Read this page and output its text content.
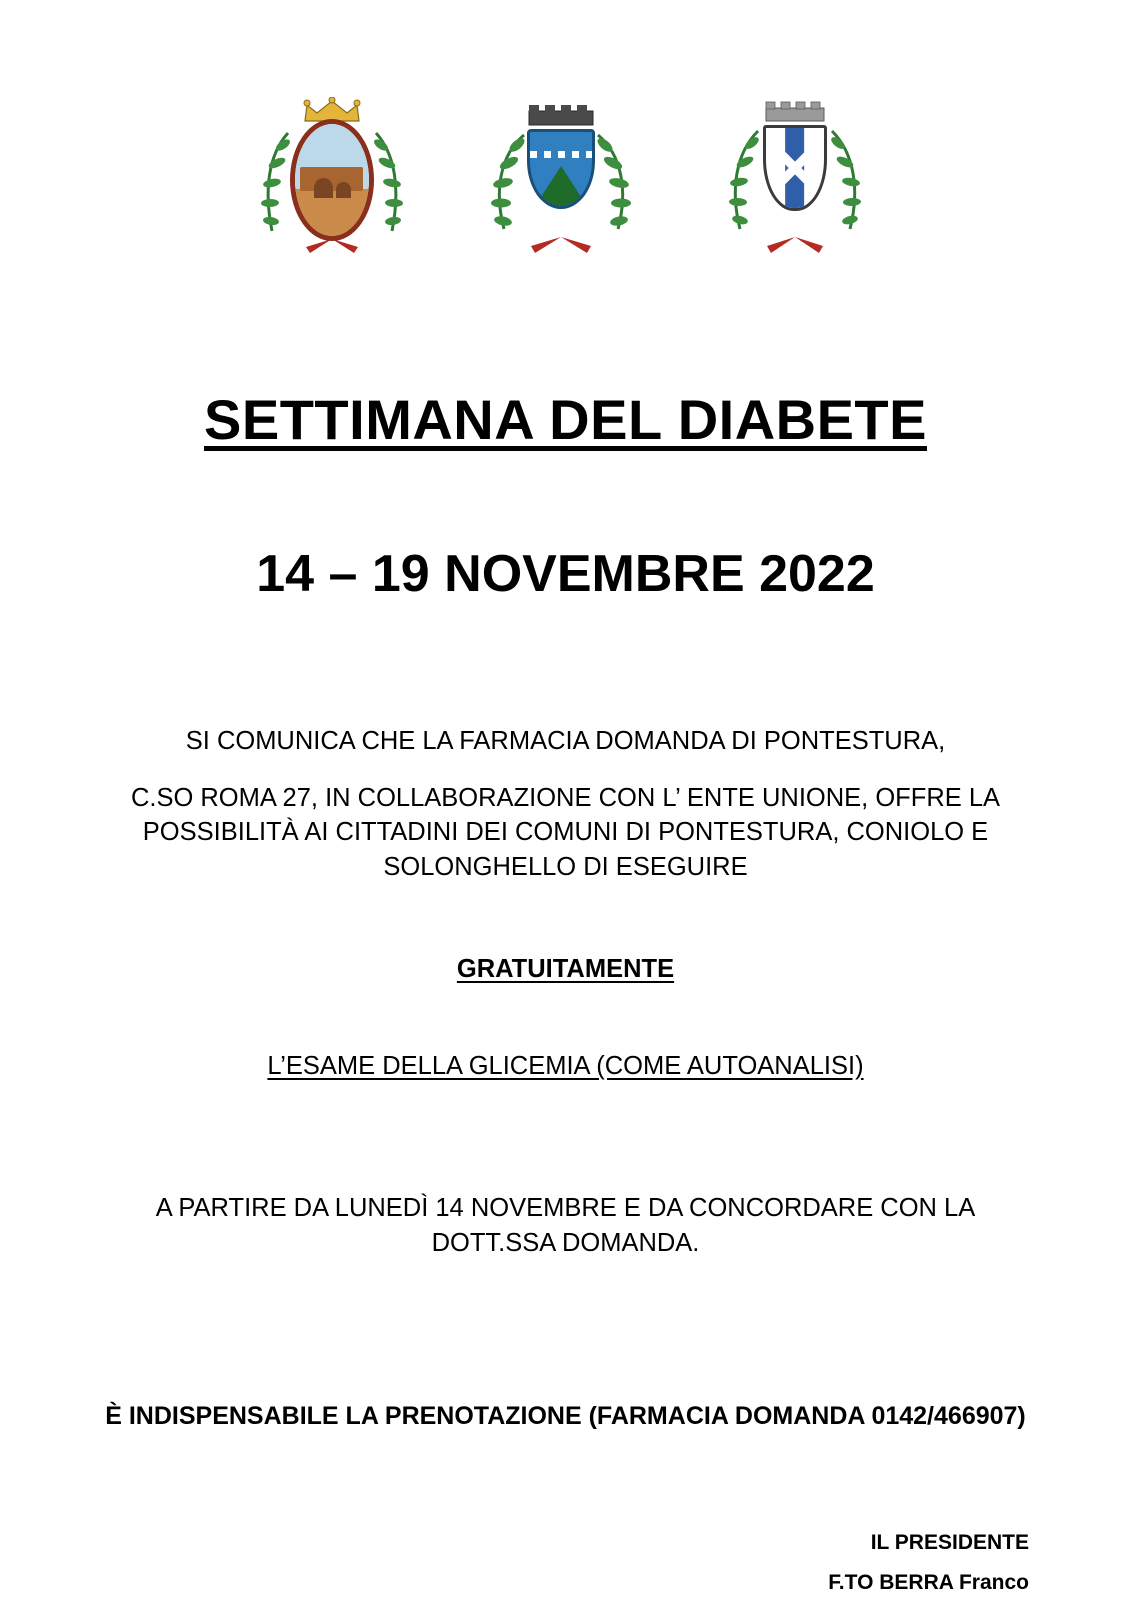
SETTIMANA DEL DIABETE
14 – 19 NOVEMBRE 2022
SI COMUNICA CHE LA FARMACIA DOMANDA DI PONTESTURA,
C.SO ROMA 27, IN COLLABORAZIONE CON L’ ENTE UNIONE, OFFRE LA POSSIBILITÀ AI CITTADINI DEI COMUNI DI PONTESTURA, CONIOLO E SOLONGHELLO DI ESEGUIRE
GRATUITAMENTE
L’ESAME DELLA GLICEMIA (COME AUTOANALISI)
A PARTIRE DA LUNEDÌ 14 NOVEMBRE E DA CONCORDARE CON LA DOTT.SSA DOMANDA.
È INDISPENSABILE LA PRENOTAZIONE (FARMACIA DOMANDA 0142/466907)
IL PRESIDENTE
F.TO BERRA Franco
